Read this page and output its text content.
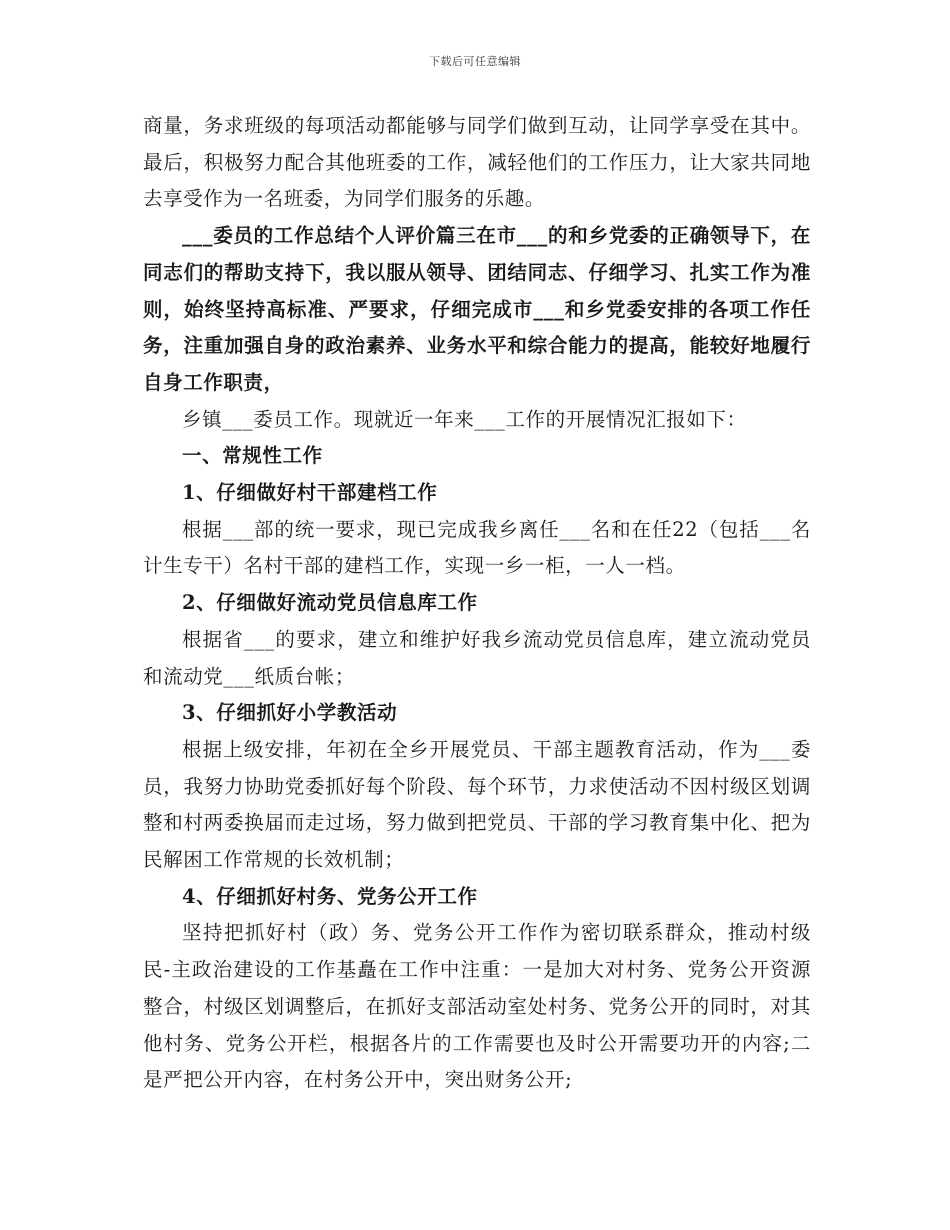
下载后可任意编辑

商量，务求班级的每项活动都能够与同学们做到互动，让同学享受在其中。最后，积极努力配合其他班委的工作，减轻他们的工作压力，让大家共同地去享受作为一名班委，为同学们服务的乐趣。

___委员的工作总结个人评价篇三在市___的和乡党委的正确领导下，在同志们的帮助支持下，我以服从领导、团结同志、仔细学习、扎实工作为准则，始终坚持高标准、严要求，仔细完成市___和乡党委安排的各项工作任务，注重加强自身的政治素养、业务水平和综合能力的提高，能较好地履行自身工作职责，

乡镇___委员工作。现就近一年来___工作的开展情况汇报如下：

一、常规性工作

1、仔细做好村干部建档工作

根据___部的统一要求，现已完成我乡离任___名和在任22（包括___名计生专干）名村干部的建档工作，实现一乡一柜，一人一档。

2、仔细做好流动党员信息库工作

根据省___的要求，建立和维护好我乡流动党员信息库，建立流动党员和流动党___纸质台帐；

3、仔细抓好小学教活动

根据上级安排，年初在全乡开展党员、干部主题教育活动，作为___委员，我努力协助党委抓好每个阶段、每个环节，力求使活动不因村级区划调整和村两委换届而走过场，努力做到把党员、干部的学习教育集中化、把为民解困工作常规的长效机制；

4、仔细抓好村务、党务公开工作

坚持把抓好村（政）务、党务公开工作作为密切联系群众，推动村级民-主政治建设的工作基矗在工作中注重：一是加大对村务、党务公开资源整合，村级区划调整后，在抓好支部活动室处村务、党务公开的同时，对其他村务、党务公开栏，根据各片的工作需要也及时公开需要功开的内容;二是严把公开内容，在村务公开中，突出财务公开;
